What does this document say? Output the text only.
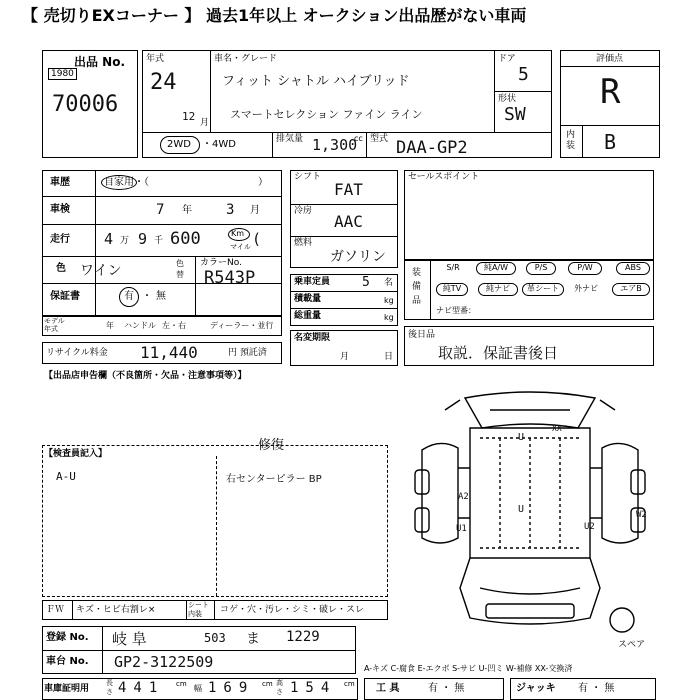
【 売切りEXコーナー 】 過去1年以上 オークション出品歴がない車両
出品 No.
1980
70006
年式
24
12 月
車名・グレード
フィット シャトル ハイブリッド
スマートセレクション ファイン ライン
ドア
5
形状
SW
2WD ・4WD	排気量 1,300
cc 型式 DAA-GP2
評価点
R
内装 B
車歴	自家用・（	）
車検	7 年 3 月
走行 4 万 9 千 600	Km
マイル (
色 ワイン	色替
カラーNo.
R543P
保証書	有 ・ 無
モデル年式	年 ハンドル 左・右	ディーラー・並行
リサイクル料金 11,440	円 預託済
シフト
FAT
冷房
AAC
燃料
ガソリン
乗車定員 5 名
積載量	kg
総重量	kg
名変期限
月	日
セールスポイント
装備品
S/R	純A/W	P/S	P/W	ABS
純TV	純ナビ	革シート	外ナビ	エアB
ナビ型番：
後日品
取説．保証書後日
【出品店申告欄（不良箇所・欠品・注意事項等）】
【検査員記入】
A-U
修復
右センターピラー BP
XX
U
A2
U
U2
U1
W2
スペア
ＦＷ キズ・ヒビ右割レ×	シート内装	コゲ・穴・汚レ・シミ・破レ・スレ
登録 No. 岐 阜	503 ま 1229
車台 No. GP2-3122509	A-キズ C-腐食 E-エクボ S-サビ U-凹ミ W-補修 XX-交換済
車庫証明用
長さ 441 cm 幅 169 cm 高さ 154 cm 工 具	有 ・ 無	ジャッキ 有 ・ 無
